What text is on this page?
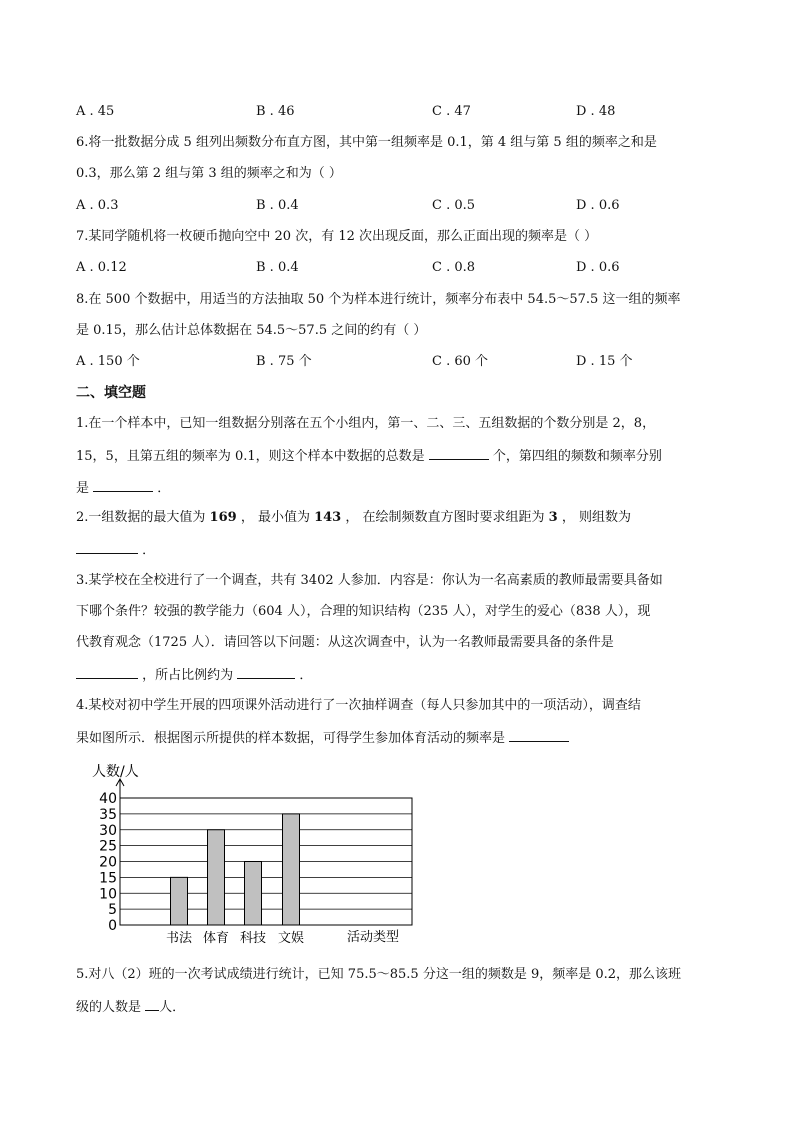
A . 45	B . 46	C . 47	D . 48
6.将一批数据分成 5 组列出频数分布直方图，其中第一组频率是 0.1，第 4 组与第 5 组的频率之和是
0.3，那么第 2 组与第 3 组的频率之和为（ ）
A . 0.3	B . 0.4	C . 0.5	D . 0.6
7.某同学随机将一枚硬币抛向空中 20 次，有 12 次出现反面，那么正面出现的频率是（ ）
A . 0.12	B . 0.4	C . 0.8	D . 0.6
8.在 500 个数据中，用适当的方法抽取 50 个为样本进行统计，频率分布表中 54.5～57.5 这一组的频率
是 0.15，那么估计总体数据在 54.5～57.5 之间的约有（ ）
A . 150 个	B . 75 个	C . 60 个	D . 15 个
二、填空题
1.在一个样本中，已知一组数据分别落在五个小组内，第一、二、三、五组数据的个数分别是 2，8，
15，5，且第五组的频率为 0.1，则这个样本中数据的总数是	个，第四组的频数和频率分别
是	．
2.一组数据的最大值为 169 ， 最小值为 143 ， 在绘制频数直方图时要求组距为 3 ， 则组数为
．
3.某学校在全校进行了一个调查，共有 3402 人参加．内容是：你认为一名高素质的教师最需要具备如
下哪个条件？较强的教学能力（604 人），合理的知识结构（235 人），对学生的爱心（838 人），现
代教育观念（1725 人）．请回答以下问题：从这次调查中，认为一名教师最需要具备的条件是
，所占比例约为	．
4.某校对初中学生开展的四项课外活动进行了一次抽样调查（每人只参加其中的一项活动），调查结
果如图所示．根据图示所提供的样本数据，可得学生参加体育活动的频率是
0
5
10
15
20
25
30
35
40
人数/人
书法 体育 科技 文娱	活动类型
5.对八（2）班的一次考试成绩进行统计，已知 75.5～85.5 分这一组的频数是 9，频率是 0.2，那么该班
级的人数是 人．
